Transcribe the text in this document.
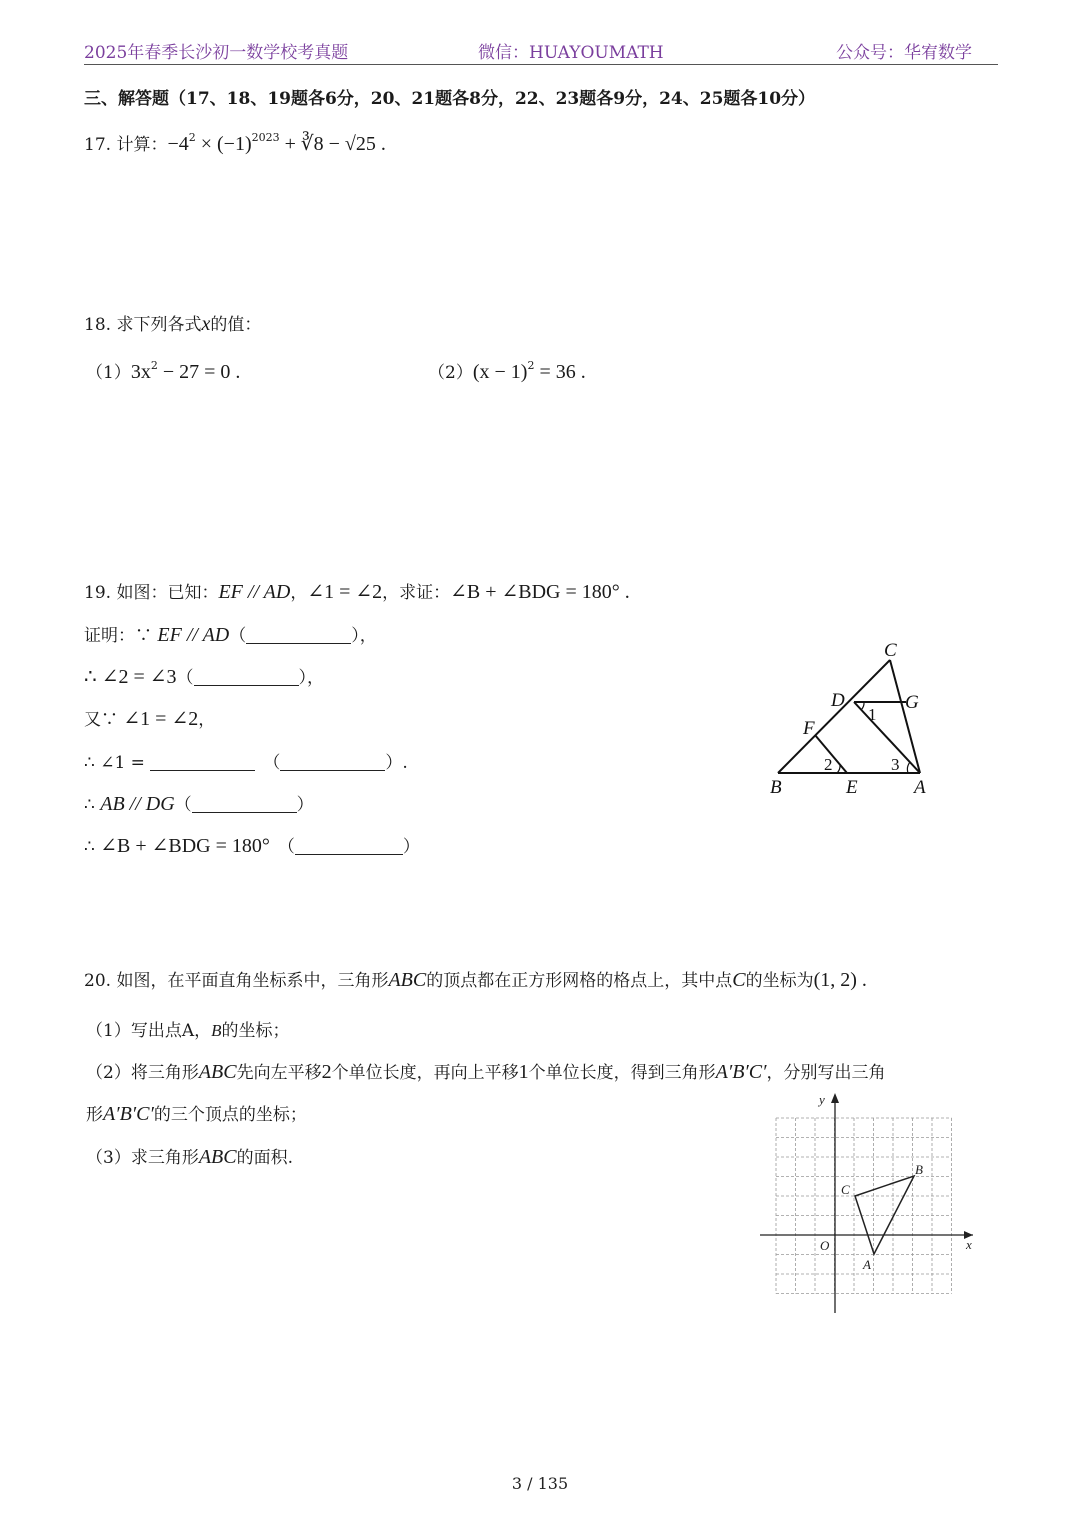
2025年春季长沙初一数学校考真题	微信：HUAYOUMATH	公众号：华宥数学
三、解答题（17、18、19题各6分，20、21题各8分，22、23题各9分，24、25题各10分）
17. 计算：$-4^2 \times (-1)^{2023}$ + ∛8 − √25 .
18. 求下列各式x的值：
$(1)3x^2 - 27 = 0$ .	$(2)(x - 1)^2 = 36$ .
19. 如图：已知：EF // AD，∠1 = ∠2，求证：∠B + ∠BDG = 180° .
证明：∵ EF // AD（	），
∴ ∠2 = ∠3（	），
又∵ ∠1 = ∠2，
∴ ∠1 =	（	）.
∴ AB // DG（	）
∴ ∠B + ∠BDG = 180° （	）
C
D	G
F
B	E	A
1
2	3
20. 如图，在平面直角坐标系中，三角形ABC的顶点都在正方形网格的格点上，其中点C的坐标为(1, 2) .
（1）写出点A，B的坐标；
（2）将三角形ABC先向左平移2个单位长度，再向上平移1个单位长度，得到三角形A′B′C′，分别写出三角
形A′B′C′的三个顶点的坐标；
（3）求三角形ABC的面积.
y
x
O
A
B
C
3 / 135
